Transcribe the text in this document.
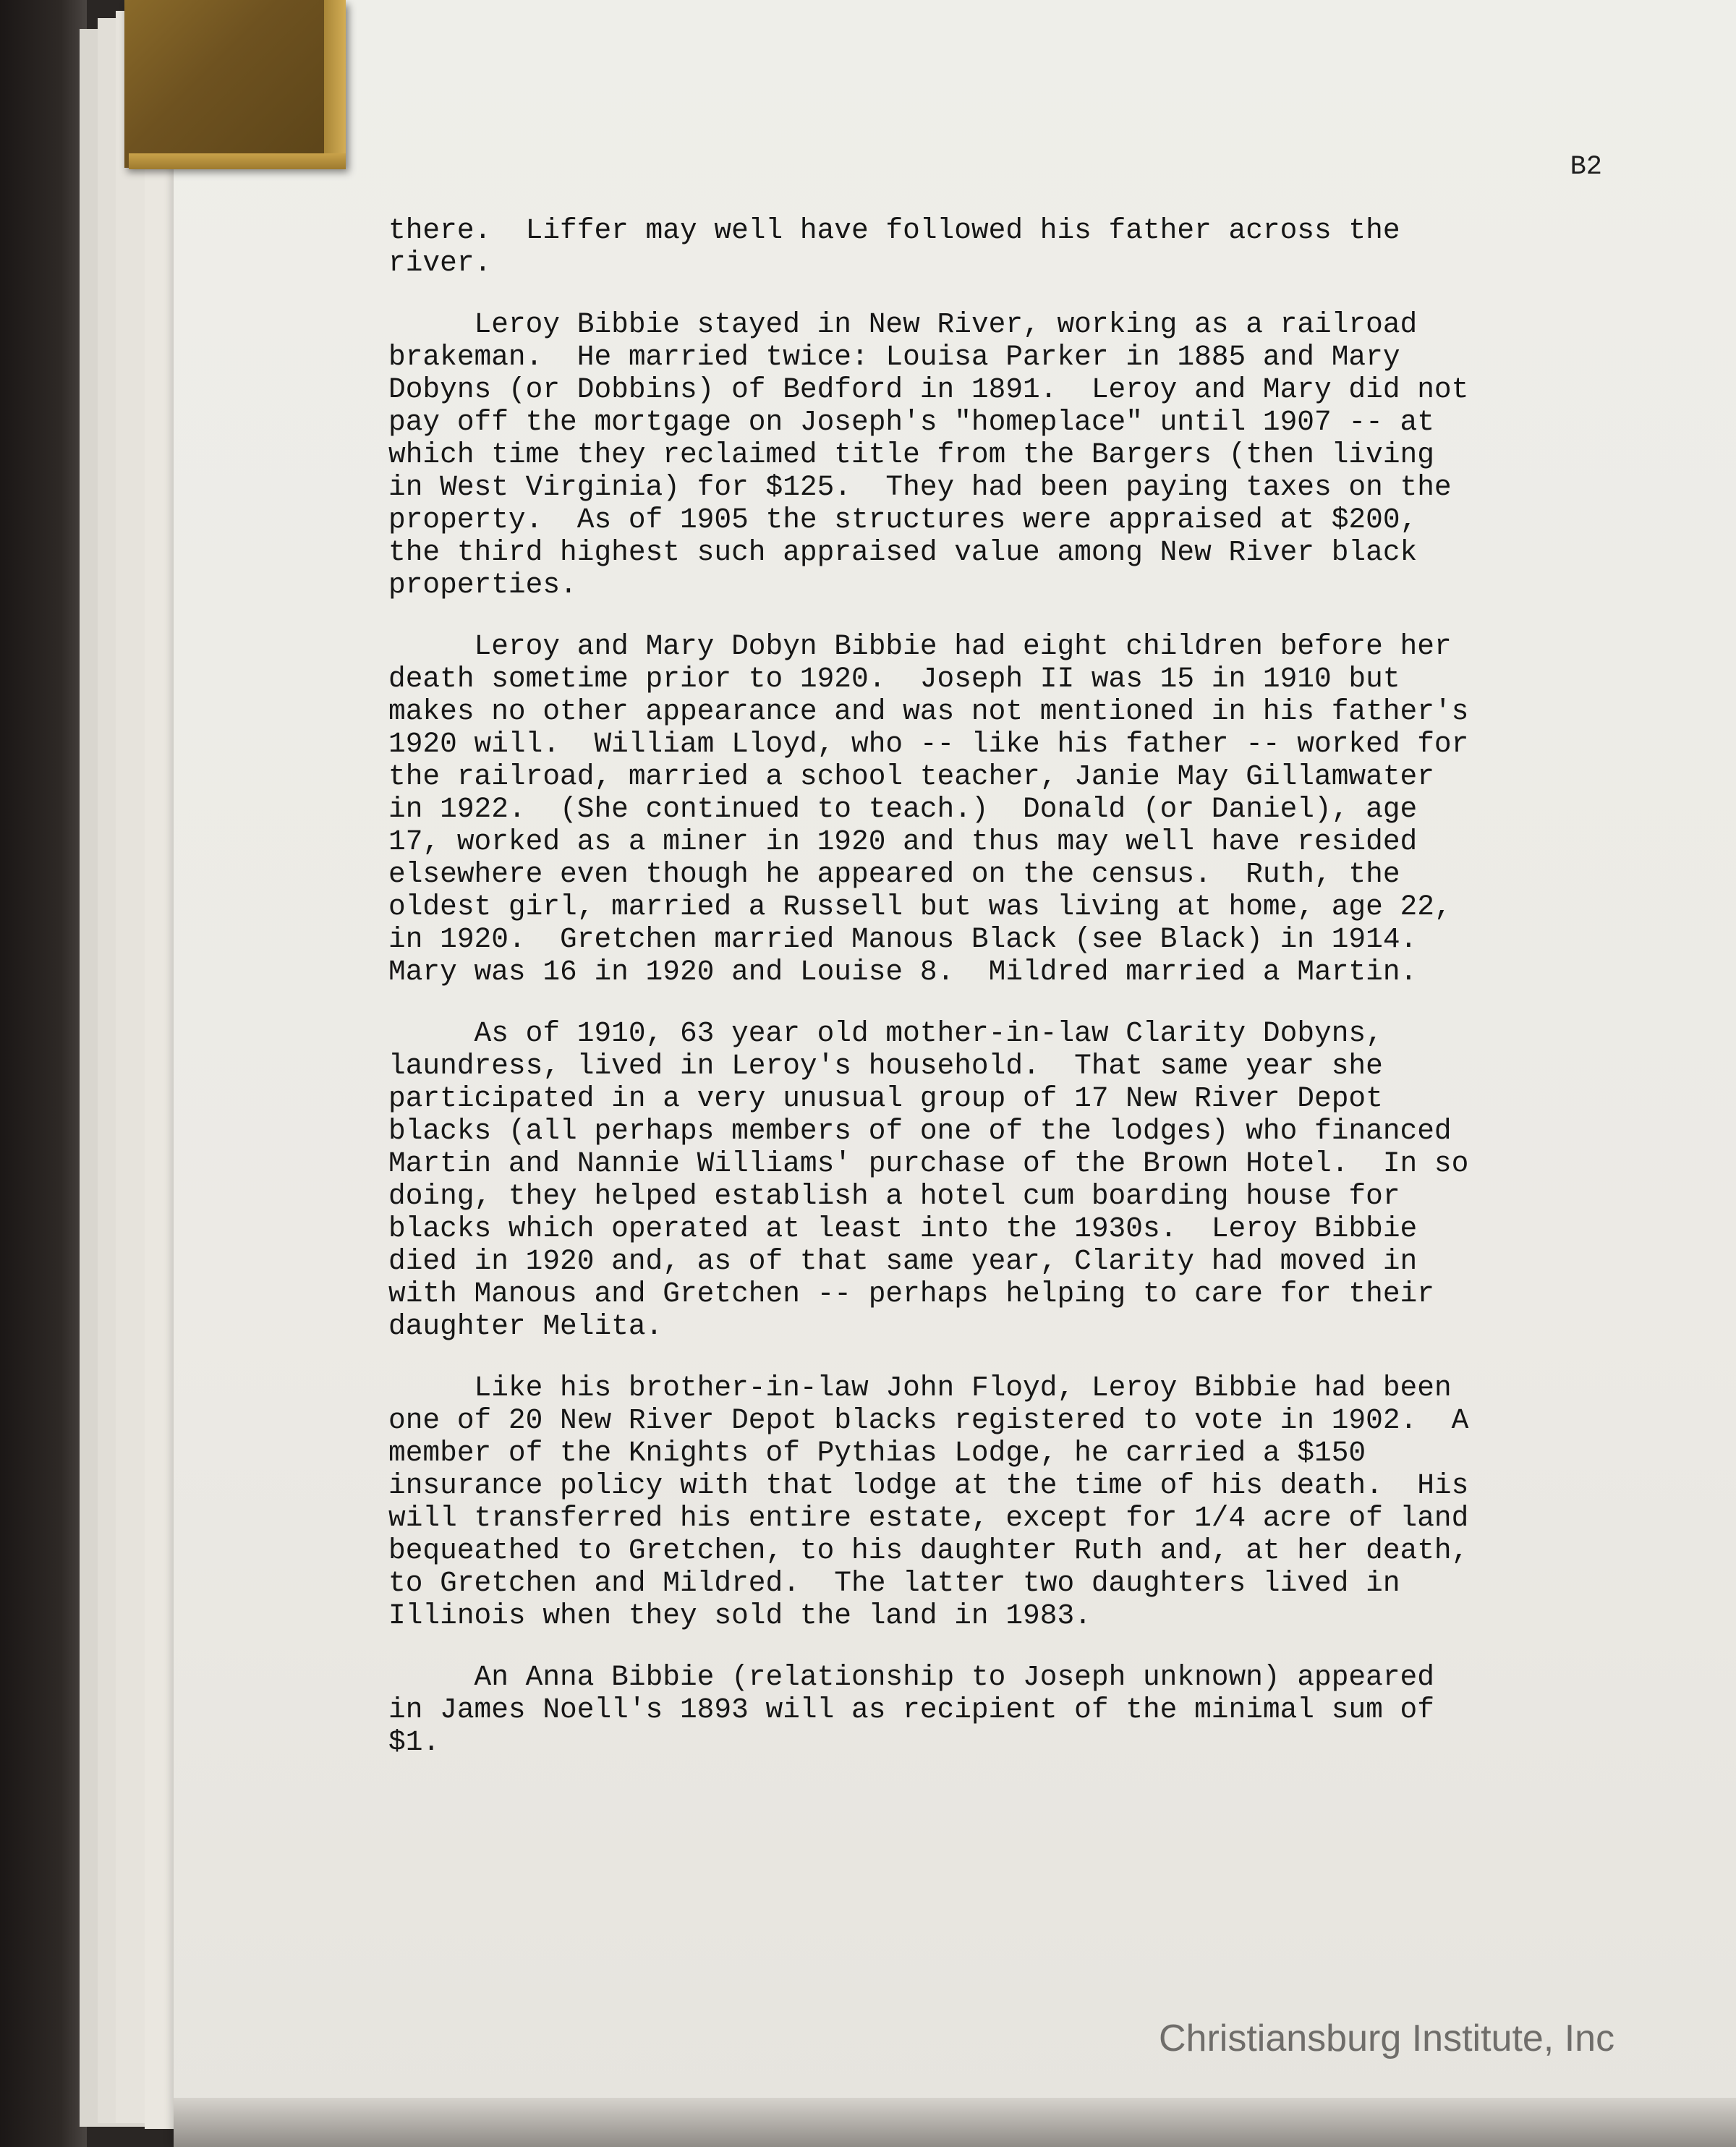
B2

there.  Liffer may well have followed his father across the
river.

Leroy Bibbie stayed in New River, working as a railroad
brakeman.  He married twice: Louisa Parker in 1885 and Mary
Dobyns (or Dobbins) of Bedford in 1891.  Leroy and Mary did not
pay off the mortgage on Joseph's "homeplace" until 1907 -- at
which time they reclaimed title from the Bargers (then living
in West Virginia) for $125.  They had been paying taxes on the
property.  As of 1905 the structures were appraised at $200,
the third highest such appraised value among New River black
properties.

Leroy and Mary Dobyn Bibbie had eight children before her
death sometime prior to 1920.  Joseph II was 15 in 1910 but
makes no other appearance and was not mentioned in his father's
1920 will.  William Lloyd, who -- like his father -- worked for
the railroad, married a school teacher, Janie May Gillamwater
in 1922.  (She continued to teach.)  Donald (or Daniel), age
17, worked as a miner in 1920 and thus may well have resided
elsewhere even though he appeared on the census.  Ruth, the
oldest girl, married a Russell but was living at home, age 22,
in 1920.  Gretchen married Manous Black (see Black) in 1914.
Mary was 16 in 1920 and Louise 8.  Mildred married a Martin.

As of 1910, 63 year old mother-in-law Clarity Dobyns,
laundress, lived in Leroy's household.  That same year she
participated in a very unusual group of 17 New River Depot
blacks (all perhaps members of one of the lodges) who financed
Martin and Nannie Williams' purchase of the Brown Hotel.  In so
doing, they helped establish a hotel cum boarding house for
blacks which operated at least into the 1930s.  Leroy Bibbie
died in 1920 and, as of that same year, Clarity had moved in
with Manous and Gretchen -- perhaps helping to care for their
daughter Melita.

Like his brother-in-law John Floyd, Leroy Bibbie had been
one of 20 New River Depot blacks registered to vote in 1902.  A
member of the Knights of Pythias Lodge, he carried a $150
insurance policy with that lodge at the time of his death.  His
will transferred his entire estate, except for 1/4 acre of land
bequeathed to Gretchen, to his daughter Ruth and, at her death,
to Gretchen and Mildred.  The latter two daughters lived in
Illinois when they sold the land in 1983.

An Anna Bibbie (relationship to Joseph unknown) appeared
in James Noell's 1893 will as recipient of the minimal sum of
$1.

Christiansburg Institute, Inc
